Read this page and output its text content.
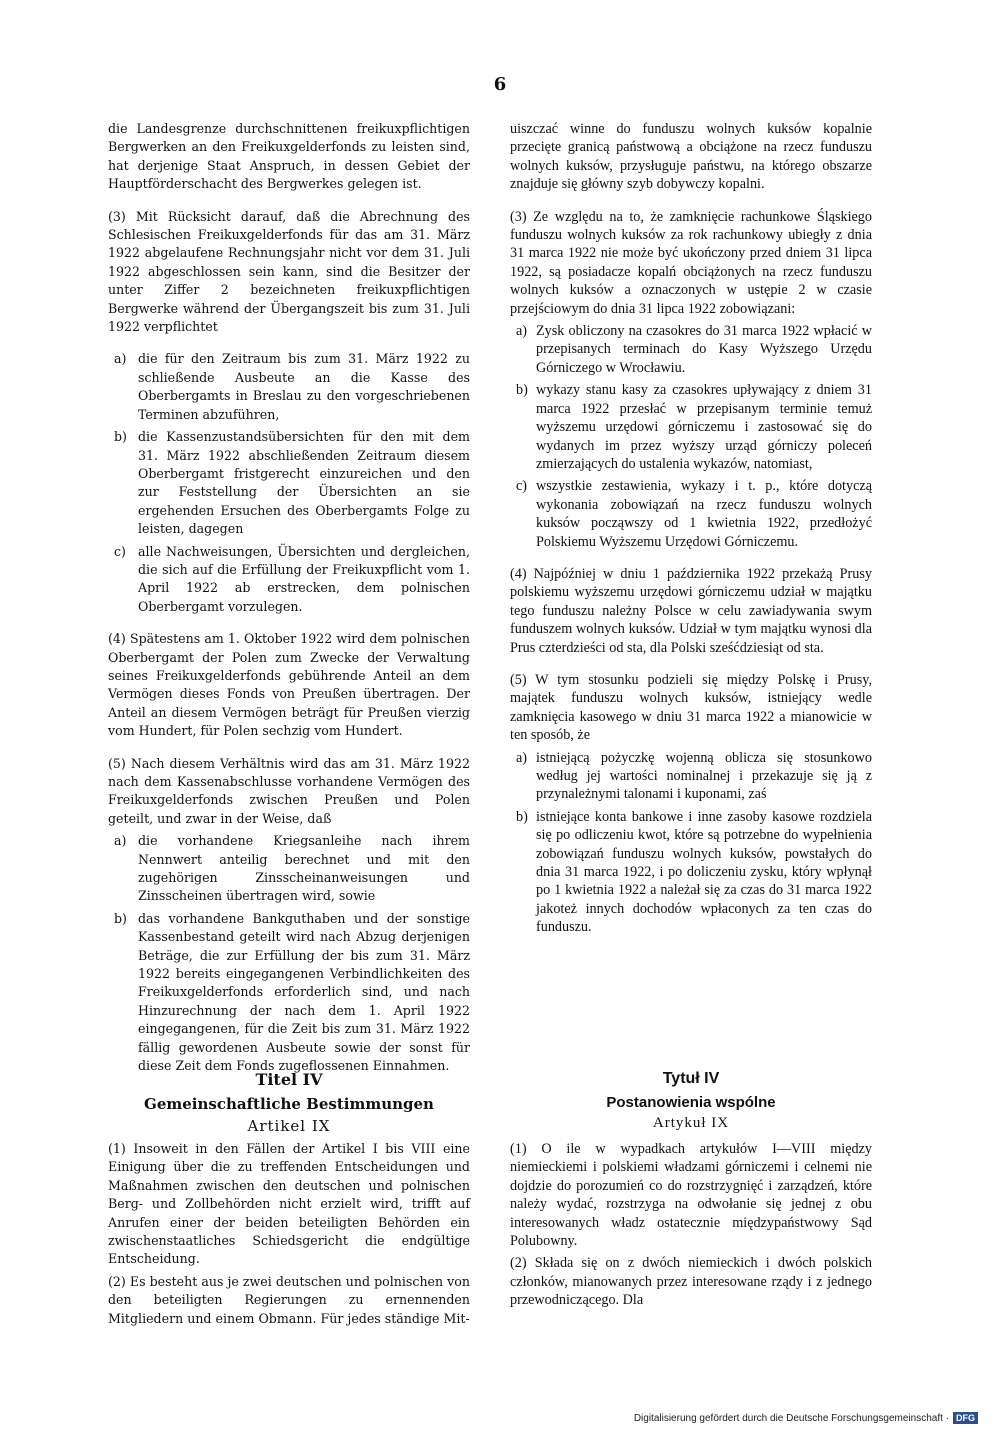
6

die Landesgrenze durchschnittenen freikuxpflichtigen Bergwerken an den Freikuxgelderfonds zu leisten sind, hat derjenige Staat Anspruch, in dessen Gebiet der Hauptförderschacht des Bergwerkes gelegen ist.

(3) Mit Rücksicht darauf, daß die Abrechnung des Schlesischen Freikuxgelderfonds für das am 31. März 1922 abgelaufene Rechnungsjahr nicht vor dem 31. Juli 1922 abgeschlossen sein kann, sind die Besitzer der unter Ziffer 2 bezeichneten freikuxpflichtigen Bergwerke während der Übergangszeit bis zum 31. Juli 1922 verpflichtet

a) die für den Zeitraum bis zum 31. März 1922 zu schließende Ausbeute an die Kasse des Oberbergamts in Breslau zu den vorgeschriebenen Terminen abzuführen,
b) die Kassenzustandsübersichten für den mit dem 31. März 1922 abschließenden Zeitraum diesem Oberbergamt fristgerecht einzureichen und den zur Feststellung der Übersichten an sie ergehenden Ersuchen des Oberbergamts Folge zu leisten, dagegen
c) alle Nachweisungen, Übersichten und dergleichen, die sich auf die Erfüllung der Freikuxpflicht vom 1. April 1922 ab erstrecken, dem polnischen Oberbergamt vorzulegen.

(4) Spätestens am 1. Oktober 1922 wird dem polnischen Oberbergamt der Polen zum Zwecke der Verwaltung seines Freikuxgelderfonds gebührende Anteil an dem Vermögen dieses Fonds von Preußen übertragen. Der Anteil an diesem Vermögen beträgt für Preußen vierzig vom Hundert, für Polen sechzig vom Hundert.

(5) Nach diesem Verhältnis wird das am 31. März 1922 nach dem Kassenabschlusse vorhandene Vermögen des Freikuxgelderfonds zwischen Preußen und Polen geteilt, und zwar in der Weise, daß

a) die vorhandene Kriegsanleihe nach ihrem Nennwert anteilig berechnet und mit den zugehörigen Zinsscheinanweisungen und Zinsscheinen übertragen wird, sowie
b) das vorhandene Bankguthaben und der sonstige Kassenbestand geteilt wird nach Abzug derjenigen Beträge, die zur Erfüllung der bis zum 31. März 1922 bereits eingegangenen Verbindlichkeiten des Freikuxgelderfonds erforderlich sind, und nach Hinzurechnung der nach dem 1. April 1922 eingegangenen, für die Zeit bis zum 31. März 1922 fällig gewordenen Ausbeute sowie der sonst für diese Zeit dem Fonds zugeflossenen Einnahmen.

uiszczać winne do funduszu wolnych kuksów kopalnie przecięte granicą państwową a obciążone na rzecz funduszu wolnych kuksów, przysługuje państwu, na którego obszarze znajduje się główny szyb dobywczy kopalni.

(3) Ze względu na to, że zamknięcie rachunkowe Śląskiego funduszu wolnych kuksów za rok rachunkowy ubiegły z dnia 31 marca 1922 nie może być ukończony przed dniem 31 lipca 1922, są posiadacze kopalń obciążonych na rzecz funduszu wolnych kuksów a oznaczonych w ustępie 2 w czasie przejściowym do dnia 31 lipca 1922 zobowiązani:

a) Zysk obliczony na czasokres do 31 marca 1922 wpłacić w przepisanych terminach do Kasy Wyższego Urzędu Górniczego w Wrocławiu.
b) wykazy stanu kasy za czasokres upływający z dniem 31 marca 1922 przesłać w przepisanym terminie temuż wyższemu urzędowi górniczemu i zastosować się do wydanych im przez wyższy urząd górniczy poleceń zmierzających do ustalenia wykazów, natomiast,
c) wszystkie zestawienia, wykazy i t. p., które dotyczą wykonania zobowiązań na rzecz funduszu wolnych kuksów począwszy od 1 kwietnia 1922, przedłożyć Polskiemu Wyższemu Urzędowi Górniczemu.

(4) Najpóźniej w dniu 1 października 1922 przekażą Prusy polskiemu wyższemu urzędowi górniczemu udział w majątku tego funduszu należny Polsce w celu zawiadywania swym funduszem wolnych kuksów. Udział w tym majątku wynosi dla Prus czterdzieści od sta, dla Polski sześćdziesiąt od sta.

(5) W tym stosunku podzieli się między Polskę i Prusy, majątek funduszu wolnych kuksów, istniejący wedle zamknięcia kasowego w dniu 31 marca 1922 a mianowicie w ten sposób, że

a) istniejącą pożyczkę wojenną oblicza się stosunkowo według jej wartości nominalnej i przekazuje się ją z przynależnymi talonami i kuponami, zaś
b) istniejące konta bankowe i inne zasoby kasowe rozdziela się po odliczeniu kwot, które są potrzebne do wypełnienia zobowiązań funduszu wolnych kuksów, powstałych do dnia 31 marca 1922, i po doliczeniu zysku, który wpłynął po 1 kwietnia 1922 a należał się za czas do 31 marca 1922 jakoteż innych dochodów wpłaconych za ten czas do funduszu.
Titel IV
Gemeinschaftliche Bestimmungen
Artikel IX
Tytuł IV
Postanowienia wspólne
Artykuł IX

(1) Insoweit in den Fällen der Artikel I bis VIII eine Einigung über die zu treffenden Entscheidungen und Maßnahmen zwischen den deutschen und polnischen Berg- und Zollbehörden nicht erzielt wird, trifft auf Anrufen einer der beiden beteiligten Behörden ein zwischenstaatliches Schiedsgericht die endgültige Entscheidung.

(2) Es besteht aus je zwei deutschen und polnischen von den beteiligten Regierungen zu ernennenden Mitgliedern und einem Obmann. Für jedes ständige Mit-

(1) O ile w wypadkach artykułów I—VIII między niemieckiemi i polskiemi władzami górniczemi i celnemi nie dojdzie do porozumień co do rozstrzygnięć i zarządzeń, które należy wydać, rozstrzyga na odwołanie się jednej z obu interesowanych władz ostatecznie międzypaństwowy Sąd Polubowny.

(2) Składa się on z dwóch niemieckich i dwóch polskich członków, mianowanych przez interesowane rządy i z jednego przewodniczącego. Dla

Digitalisierung gefördert durch die Deutsche Forschungsgemeinschaft · DFG
